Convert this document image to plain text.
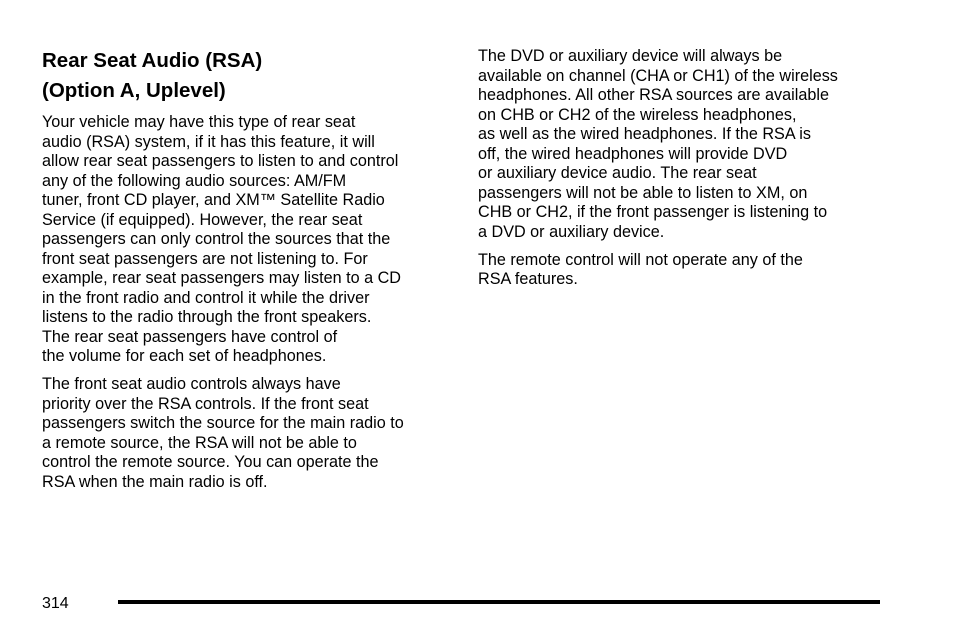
Rear Seat Audio (RSA)
(Option A, Uplevel)

Your vehicle may have this type of rear seat
audio (RSA) system, if it has this feature, it will
allow rear seat passengers to listen to and control
any of the following audio sources: AM/FM
tuner, front CD player, and XM™ Satellite Radio
Service (if equipped). However, the rear seat
passengers can only control the sources that the
front seat passengers are not listening to. For
example, rear seat passengers may listen to a CD
in the front radio and control it while the driver
listens to the radio through the front speakers.
The rear seat passengers have control of
the volume for each set of headphones.

The front seat audio controls always have
priority over the RSA controls. If the front seat
passengers switch the source for the main radio to
a remote source, the RSA will not be able to
control the remote source. You can operate the
RSA when the main radio is off.

The DVD or auxiliary device will always be
available on channel (CHA or CH1) of the wireless
headphones. All other RSA sources are available
on CHB or CH2 of the wireless headphones,
as well as the wired headphones. If the RSA is
off, the wired headphones will provide DVD
or auxiliary device audio. The rear seat
passengers will not be able to listen to XM, on
CHB or CH2, if the front passenger is listening to
a DVD or auxiliary device.

The remote control will not operate any of the
RSA features.

314
